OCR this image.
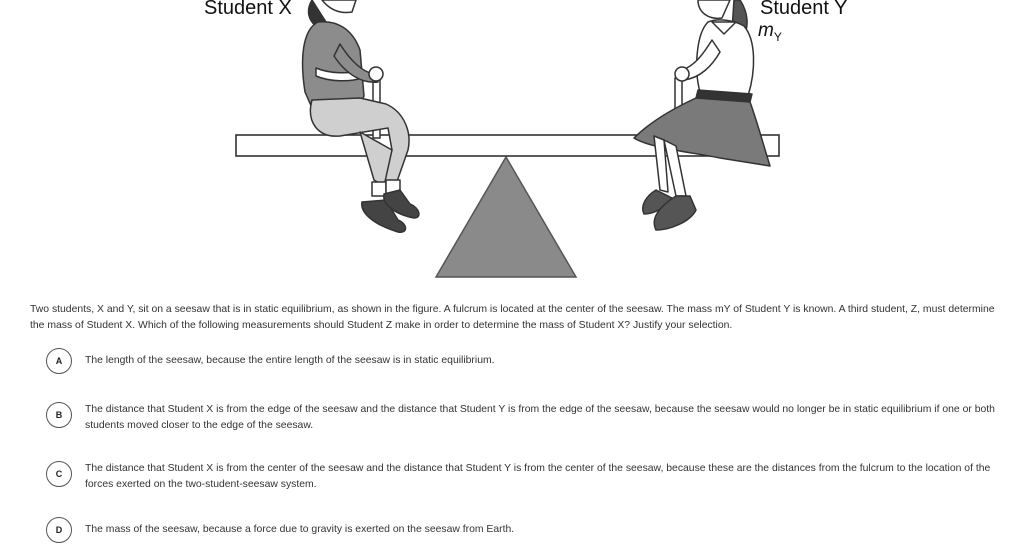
Student X	Student Y
$m_Y$
Two students, X and Y, sit on a seesaw that is in static equilibrium, as shown in the figure. A fulcrum is located at the center of the seesaw. The mass mY of Student Y is known. A third student, Z, must determine the mass of Student X. Which of the following measurements should Student Z make in order to determine the mass of Student X? Justify your selection.
A	The length of the seesaw, because the entire length of the seesaw is in static equilibrium.
B	The distance that Student X is from the edge of the seesaw and the distance that Student Y is from the edge of the seesaw, because the seesaw would no longer be in static equilibrium if one or both students moved closer to the edge of the seesaw.
C	The distance that Student X is from the center of the seesaw and the distance that Student Y is from the center of the seesaw, because these are the distances from the fulcrum to the location of the forces exerted on the two-student-seesaw system.
D	The mass of the seesaw, because a force due to gravity is exerted on the seesaw from Earth.
